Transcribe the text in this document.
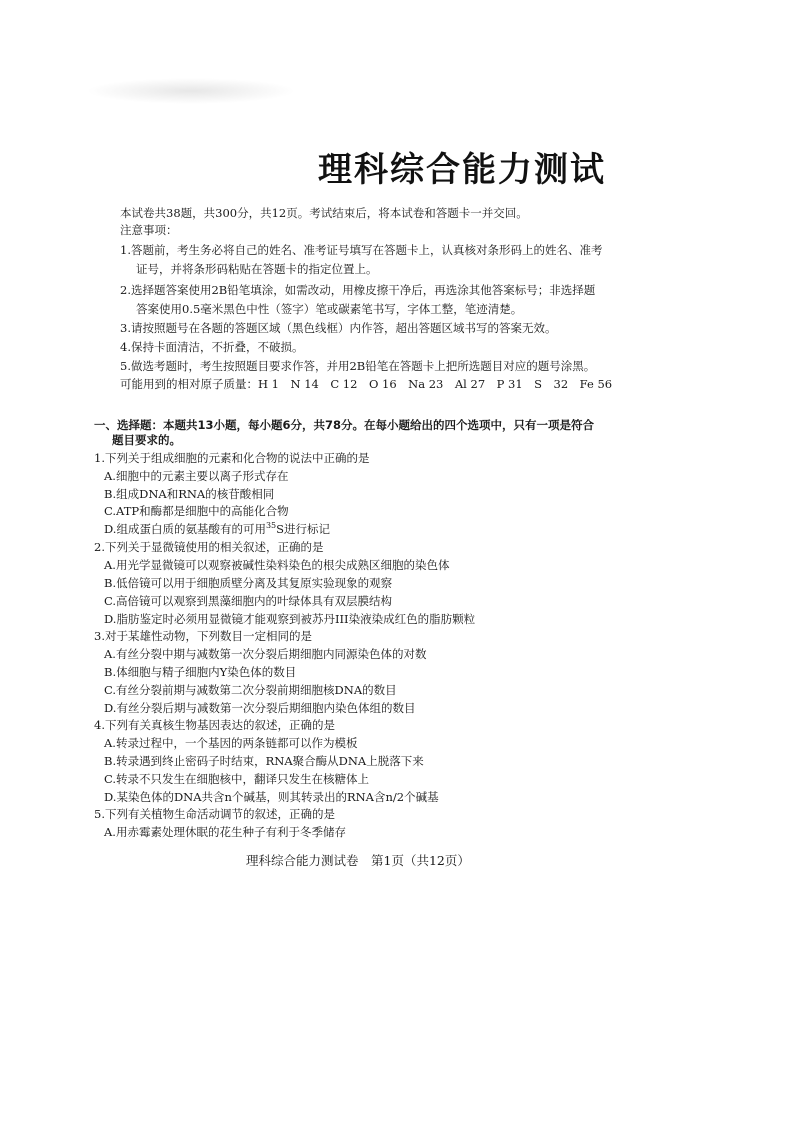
理科综合能力测试
本试卷共38题，共300分，共12页。考试结束后，将本试卷和答题卡一并交回。
注意事项：
1.答题前，考生务必将自己的姓名、准考证号填写在答题卡上，认真核对条形码上的姓名、准考
证号，并将条形码粘贴在答题卡的指定位置上。
2.选择题答案使用2B铅笔填涂，如需改动，用橡皮擦干净后，再选涂其他答案标号；非选择题
答案使用0.5毫米黑色中性（签字）笔或碳素笔书写，字体工整，笔迹清楚。
3.请按照题号在各题的答题区域（黑色线框）内作答，超出答题区域书写的答案无效。
4.保持卡面清洁，不折叠，不破损。
5.做选考题时，考生按照题目要求作答，并用2B铅笔在答题卡上把所选题目对应的题号涂黑。
可能用到的相对原子质量：H 1　N 14　C 12　O 16　Na 23　Al 27　P 31　S　32　Fe 56
一、选择题：本题共13小题，每小题6分，共78分。在每小题给出的四个选项中，只有一项是符合
题目要求的。
1.下列关于组成细胞的元素和化合物的说法中正确的是
A.细胞中的元素主要以离子形式存在
B.组成DNA和RNA的核苷酸相同
C.ATP和酶都是细胞中的高能化合物
D.组成蛋白质的氨基酸有的可用$^{35}$S进行标记
2.下列关于显微镜使用的相关叙述，正确的是
A.用光学显微镜可以观察被碱性染料染色的根尖成熟区细胞的染色体
B.低倍镜可以用于细胞质壁分离及其复原实验现象的观察
C.高倍镜可以观察到黑藻细胞内的叶绿体具有双层膜结构
D.脂肪鉴定时必须用显微镜才能观察到被苏丹III染液染成红色的脂肪颗粒
3.对于某雄性动物，下列数目一定相同的是
A.有丝分裂中期与减数第一次分裂后期细胞内同源染色体的对数
B.体细胞与精子细胞内Y染色体的数目
C.有丝分裂前期与减数第二次分裂前期细胞核DNA的数目
D.有丝分裂后期与减数第一次分裂后期细胞内染色体组的数目
4.下列有关真核生物基因表达的叙述，正确的是
A.转录过程中，一个基因的两条链都可以作为模板
B.转录遇到终止密码子时结束，RNA聚合酶从DNA上脱落下来
C.转录不只发生在细胞核中，翻译只发生在核糖体上
D.某染色体的DNA共含n个碱基，则其转录出的RNA含n/2个碱基
5.下列有关植物生命活动调节的叙述，正确的是
A.用赤霉素处理休眠的花生种子有利于冬季储存
理科综合能力测试卷　第1页（共12页）
